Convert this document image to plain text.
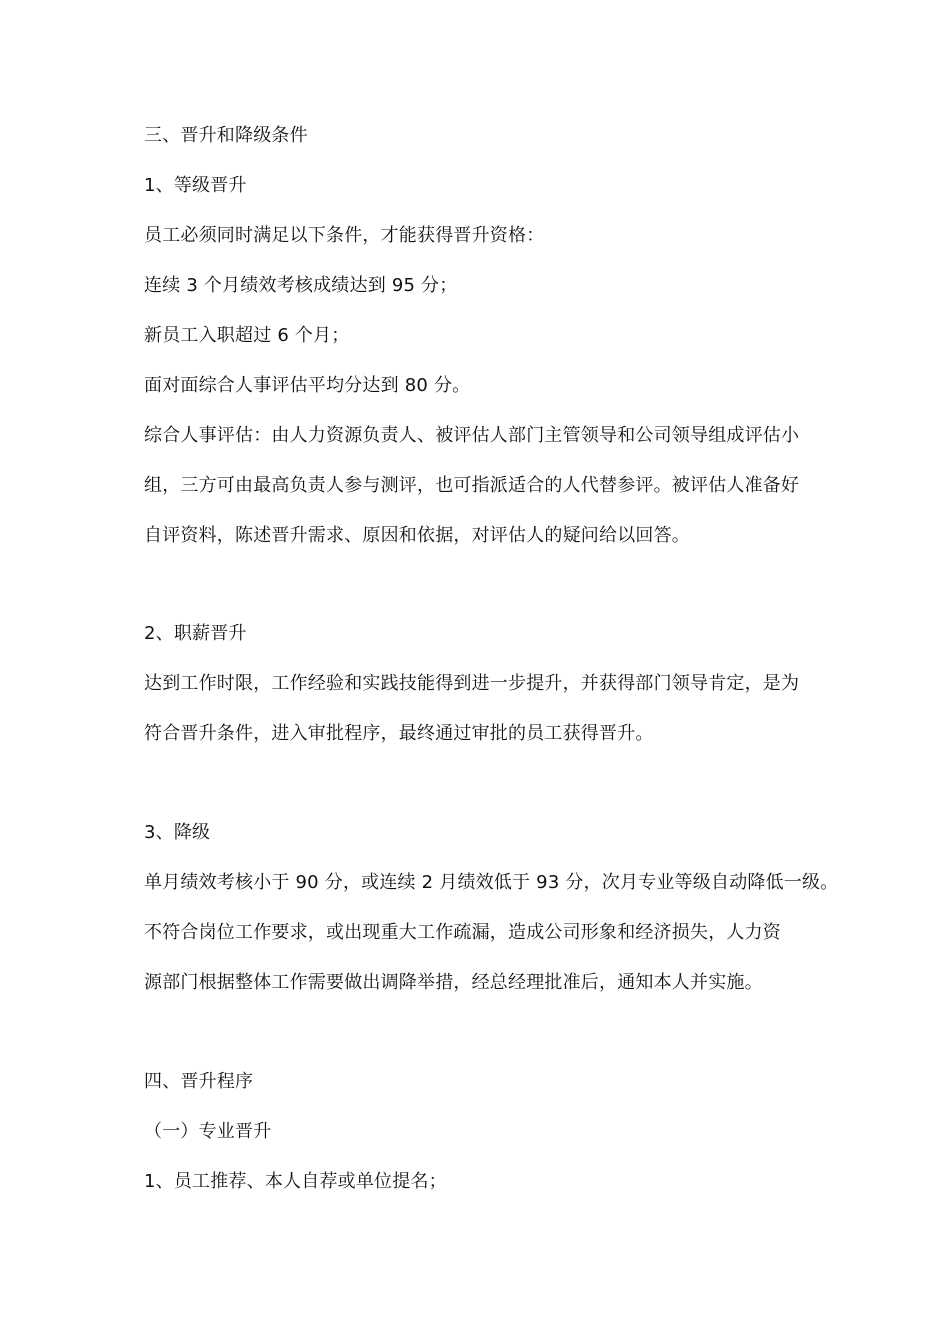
三、晋升和降级条件
1、等级晋升
员工必须同时满足以下条件，才能获得晋升资格：
连续 3 个月绩效考核成绩达到 95 分；
新员工入职超过 6 个月；
面对面综合人事评估平均分达到 80 分。
综合人事评估：由人力资源负责人、被评估人部门主管领导和公司领导组成评估小
组，三方可由最高负责人参与测评，也可指派适合的人代替参评。被评估人准备好
自评资料，陈述晋升需求、原因和依据，对评估人的疑问给以回答。
2、职薪晋升
达到工作时限，工作经验和实践技能得到进一步提升，并获得部门领导肯定，是为
符合晋升条件，进入审批程序，最终通过审批的员工获得晋升。
3、降级
单月绩效考核小于 90 分，或连续 2 月绩效低于 93 分，次月专业等级自动降低一级。
不符合岗位工作要求，或出现重大工作疏漏，造成公司形象和经济损失，人力资
源部门根据整体工作需要做出调降举措，经总经理批准后，通知本人并实施。
四、晋升程序
（一）专业晋升
1、员工推荐、本人自荐或单位提名；
